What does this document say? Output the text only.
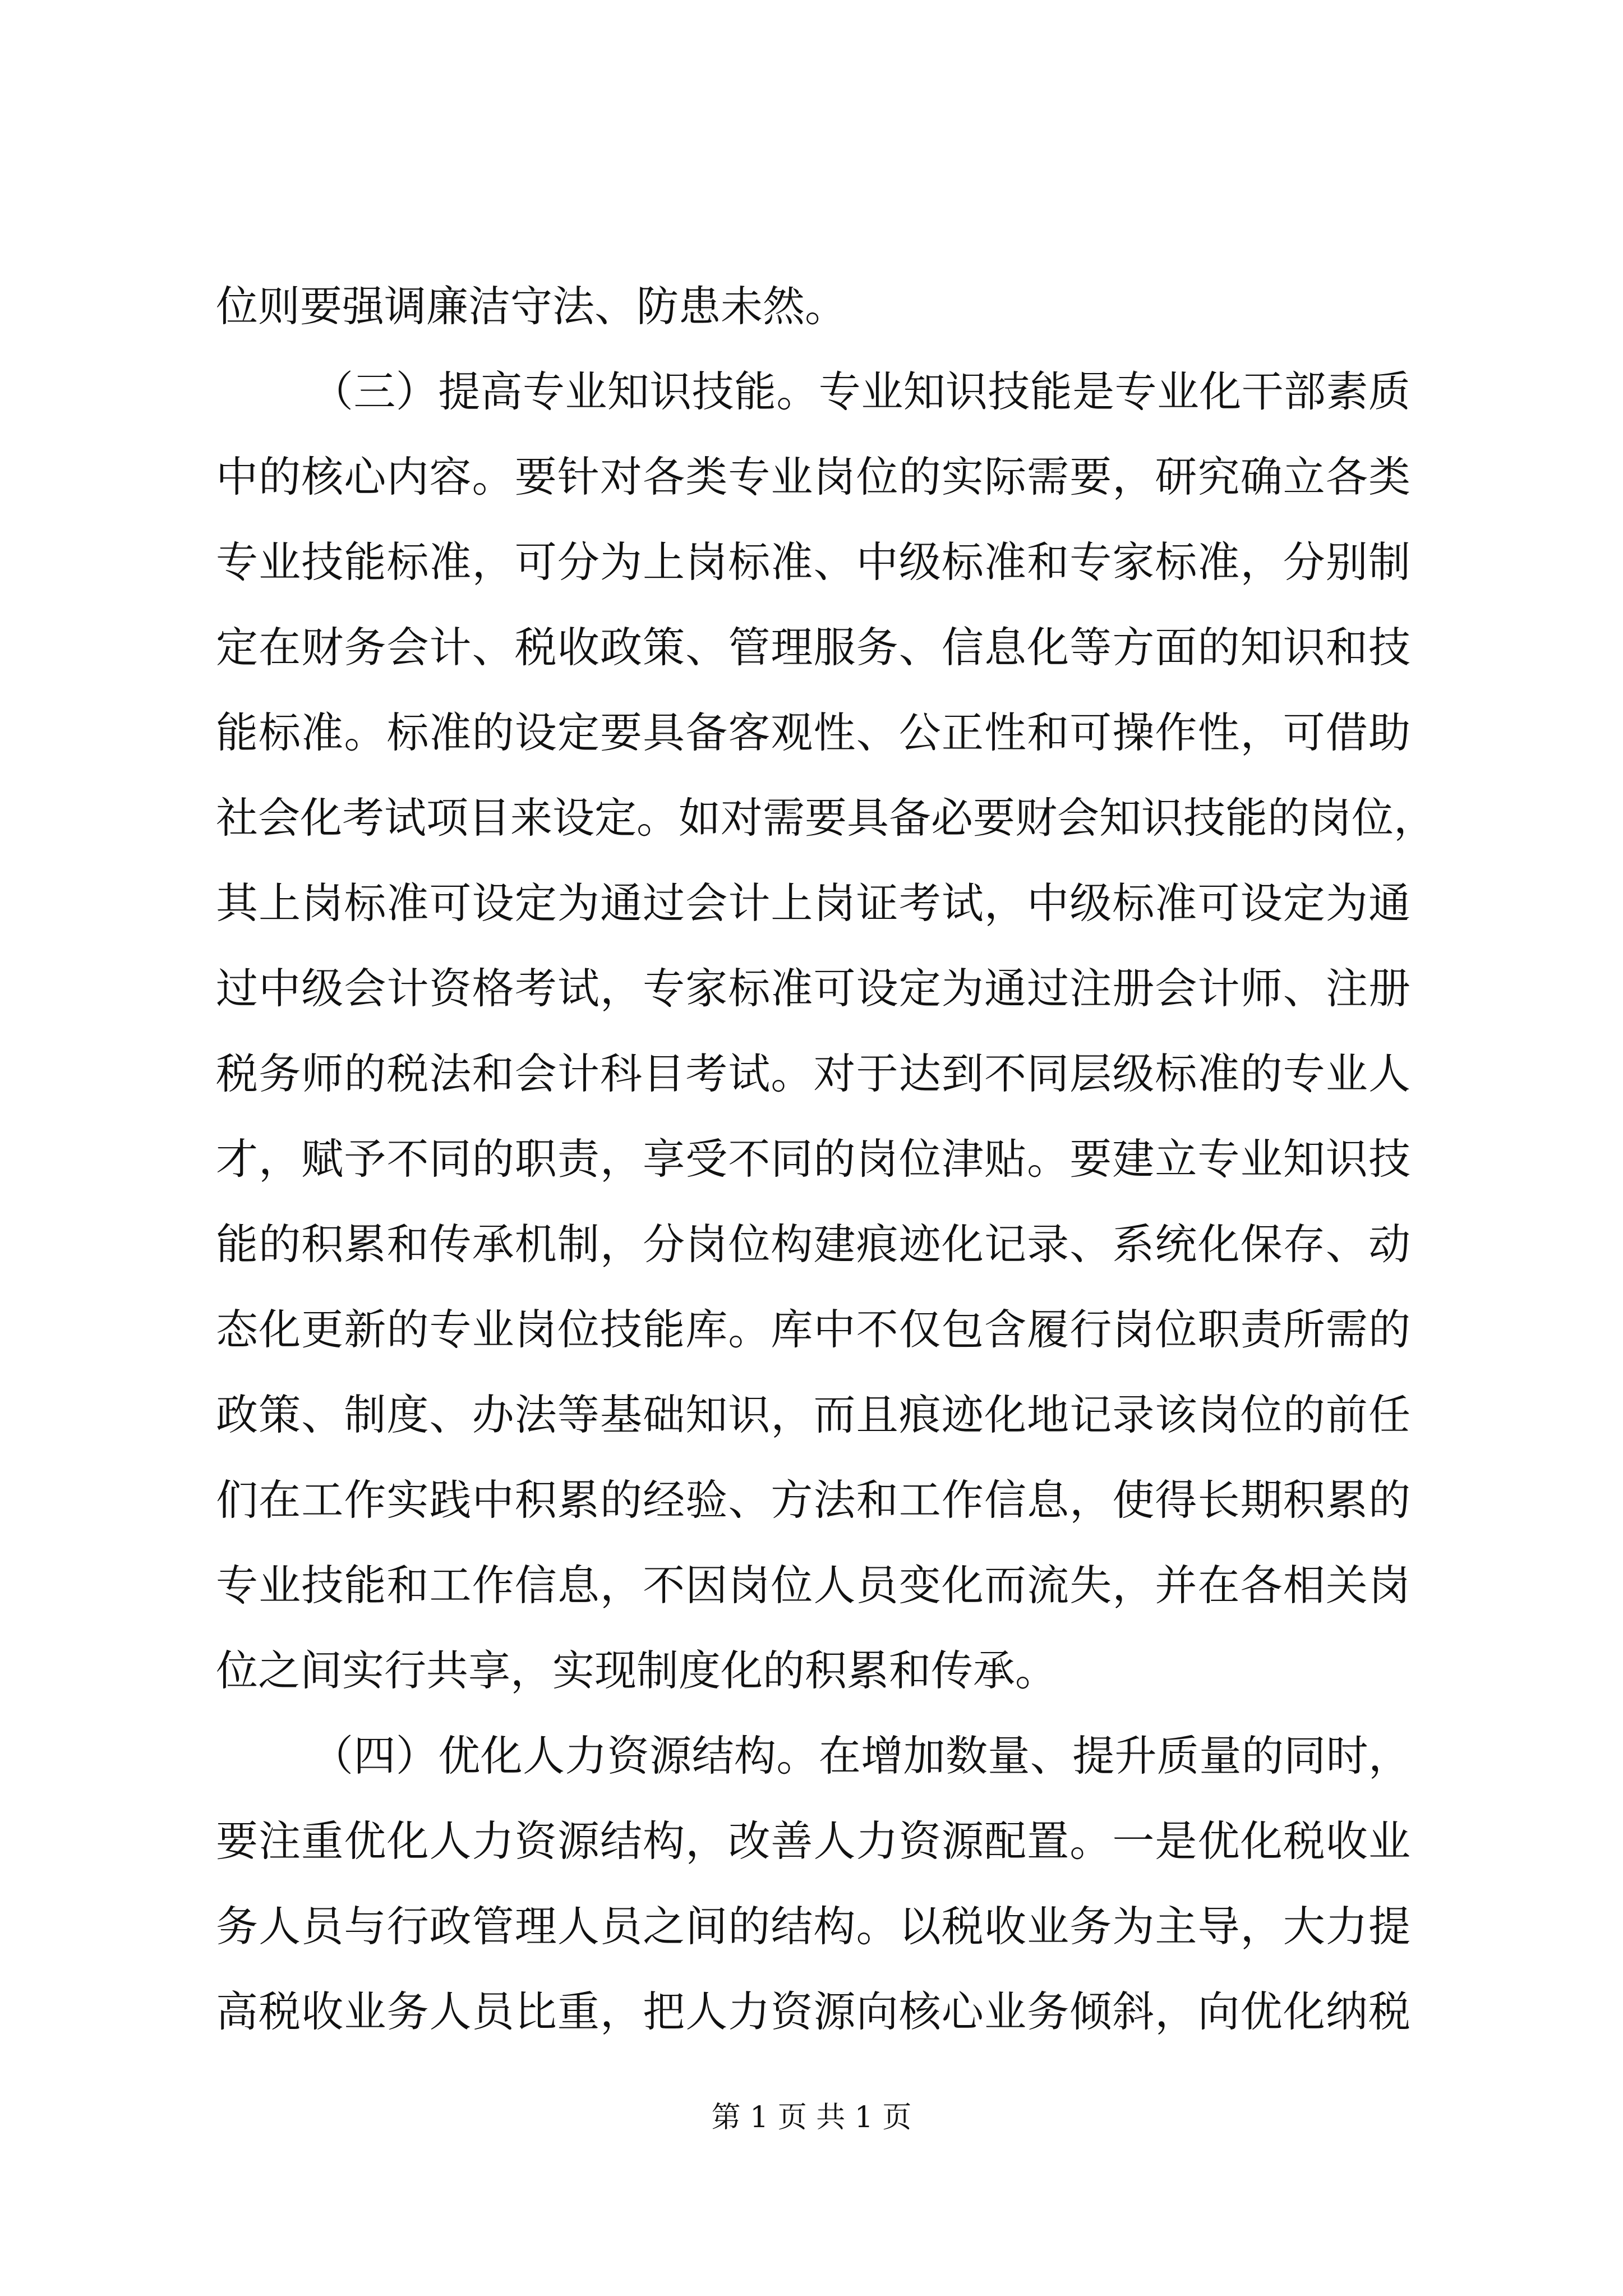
位则要强调廉洁守法、防患未然。
（三）提高专业知识技能。专业知识技能是专业化干部素质
中的核心内容。要针对各类专业岗位的实际需要，研究确立各类
专业技能标准，可分为上岗标准、中级标准和专家标准，分别制
定在财务会计、税收政策、管理服务、信息化等方面的知识和技
能标准。标准的设定要具备客观性、公正性和可操作性，可借助
社会化考试项目来设定。如对需要具备必要财会知识技能的岗位，
其上岗标准可设定为通过会计上岗证考试，中级标准可设定为通
过中级会计资格考试，专家标准可设定为通过注册会计师、注册
税务师的税法和会计科目考试。对于达到不同层级标准的专业人
才，赋予不同的职责，享受不同的岗位津贴。要建立专业知识技
能的积累和传承机制，分岗位构建痕迹化记录、系统化保存、动
态化更新的专业岗位技能库。库中不仅包含履行岗位职责所需的
政策、制度、办法等基础知识，而且痕迹化地记录该岗位的前任
们在工作实践中积累的经验、方法和工作信息，使得长期积累的
专业技能和工作信息，不因岗位人员变化而流失，并在各相关岗
位之间实行共享，实现制度化的积累和传承。
（四）优化人力资源结构。在增加数量、提升质量的同时，
要注重优化人力资源结构，改善人力资源配置。一是优化税收业
务人员与行政管理人员之间的结构。以税收业务为主导，大力提
高税收业务人员比重，把人力资源向核心业务倾斜，向优化纳税
第 1 页 共 1 页
